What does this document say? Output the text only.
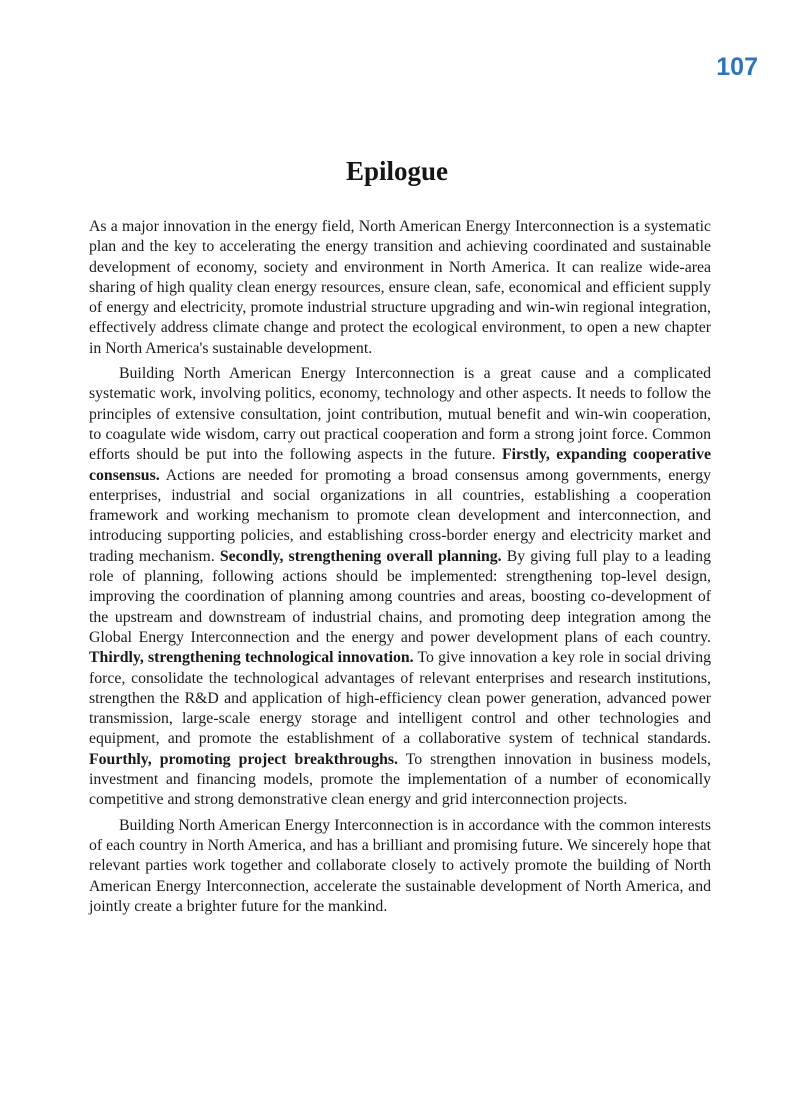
107
Epilogue

As a major innovation in the energy field, North American Energy Interconnection is a systematic plan and the key to accelerating the energy transition and achieving coordinated and sustainable development of economy, society and environment in North America. It can realize wide-area sharing of high quality clean energy resources, ensure clean, safe, economical and efficient supply of energy and electricity, promote industrial structure upgrading and win-win regional integration, effectively address climate change and protect the ecological environment, to open a new chapter in North America's sustainable development.

Building North American Energy Interconnection is a great cause and a complicated systematic work, involving politics, economy, technology and other aspects. It needs to follow the principles of extensive consultation, joint contribution, mutual benefit and win-win cooperation, to coagulate wide wisdom, carry out practical cooperation and form a strong joint force. Common efforts should be put into the following aspects in the future. Firstly, expanding cooperative consensus. Actions are needed for promoting a broad consensus among governments, energy enterprises, industrial and social organizations in all countries, establishing a cooperation framework and working mechanism to promote clean development and interconnection, and introducing supporting policies, and establishing cross-border energy and electricity market and trading mechanism. Secondly, strengthening overall planning. By giving full play to a leading role of planning, following actions should be implemented: strengthening top-level design, improving the coordination of planning among countries and areas, boosting co-development of the upstream and downstream of industrial chains, and promoting deep integration among the Global Energy Interconnection and the energy and power development plans of each country. Thirdly, strengthening technological innovation. To give innovation a key role in social driving force, consolidate the technological advantages of relevant enterprises and research institutions, strengthen the R&D and application of high-efficiency clean power generation, advanced power transmission, large-scale energy storage and intelligent control and other technologies and equipment, and promote the establishment of a collaborative system of technical standards. Fourthly, promoting project breakthroughs. To strengthen innovation in business models, investment and financing models, promote the implementation of a number of economically competitive and strong demonstrative clean energy and grid interconnection projects.

Building North American Energy Interconnection is in accordance with the common interests of each country in North America, and has a brilliant and promising future. We sincerely hope that relevant parties work together and collaborate closely to actively promote the building of North American Energy Interconnection, accelerate the sustainable development of North America, and jointly create a brighter future for the mankind.
